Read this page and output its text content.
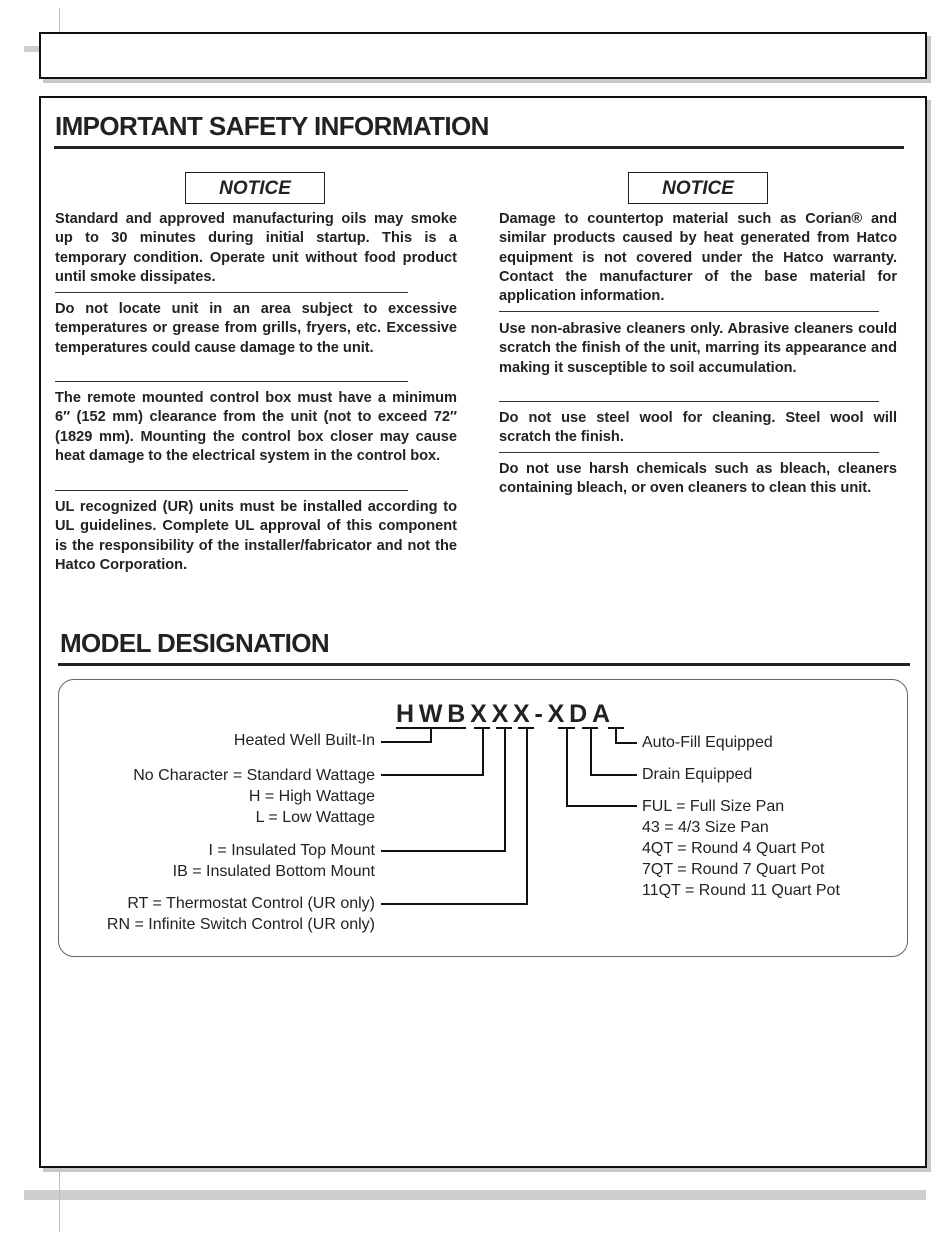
IMPORTANT SAFETY INFORMATION
NOTICE	NOTICE
Standard and approved manufacturing oils may smoke up to 30 minutes during initial startup. This is a temporary condition. Operate unit without food product until smoke dissipates.
Do not locate unit in an area subject to excessive temperatures or grease from grills, fryers, etc. Excessive temperatures could cause damage to the unit.
The remote mounted control box must have a minimum 6″ (152 mm) clearance from the unit (not to exceed 72″ (1829 mm). Mounting the control box closer may cause heat damage to the electrical system in the control box.
UL recognized (UR) units must be installed according to UL guidelines. Complete UL approval of this component is the responsibility of the installer/fabricator and not the Hatco Corporation.
Damage to countertop material such as Corian® and similar products caused by heat generated from Hatco equipment is not covered under the Hatco warranty. Contact the manufacturer of the base material for application information.
Use non-abrasive cleaners only. Abrasive cleaners could scratch the finish of the unit, marring its appearance and making it susceptible to soil accumulation.
Do not use steel wool for cleaning. Steel wool will scratch the finish.
Do not use harsh chemicals such as bleach, cleaners containing bleach, or oven cleaners to clean this unit.
MODEL DESIGNATION
HWBXXX-XDA
Heated Well Built-In
No Character = Standard Wattage
H = High Wattage
L = Low Wattage
I = Insulated Top Mount
IB = Insulated Bottom Mount
RT = Thermostat Control (UR only)
RN = Infinite Switch Control (UR only)
Auto-Fill Equipped
Drain Equipped
FUL = Full Size Pan
43 = 4/3 Size Pan
4QT = Round 4 Quart Pot
7QT = Round 7 Quart Pot
11QT = Round 11 Quart Pot
